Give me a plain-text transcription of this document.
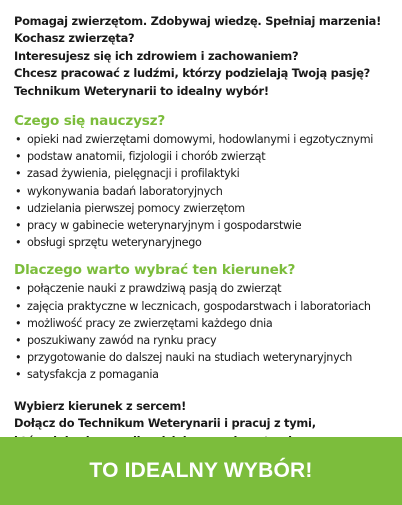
Pomagaj zwierzętom. Zdobywaj wiedzę. Spełniaj marzenia!

Kochasz zwierzęta?

Interesujesz się ich zdrowiem i zachowaniem?

Chcesz pracować z ludźmi, którzy podzielają Twoją pasję?

Technikum Weterynarii to idealny wybór!

Czego się nauczysz?
• opieki nad zwierzętami domowymi, hodowlanymi i egzotycznymi
• podstaw anatomii, fizjologii i chorób zwierząt
• zasad żywienia, pielęgnacji i profilaktyki
• wykonywania badań laboratoryjnych
• udzielania pierwszej pomocy zwierzętom
• pracy w gabinecie weterynaryjnym i gospodarstwie
• obsługi sprzętu weterynaryjnego
Dlaczego warto wybrać ten kierunek?
• połączenie nauki z prawdziwą pasją do zwierząt
• zajęcia praktyczne w lecznicach, gospodarstwach i laboratoriach
• możliwość pracy ze zwierzętami każdego dnia
• poszukiwany zawód na rynku pracy
• przygotowanie do dalszej nauki na studiach weterynaryjnych
• satysfakcja z pomagania

Wybierz kierunek z sercem!

Dołącz do Technikum Weterynarii i pracuj z tymi,

TO IDEALNY WYBÓR!
